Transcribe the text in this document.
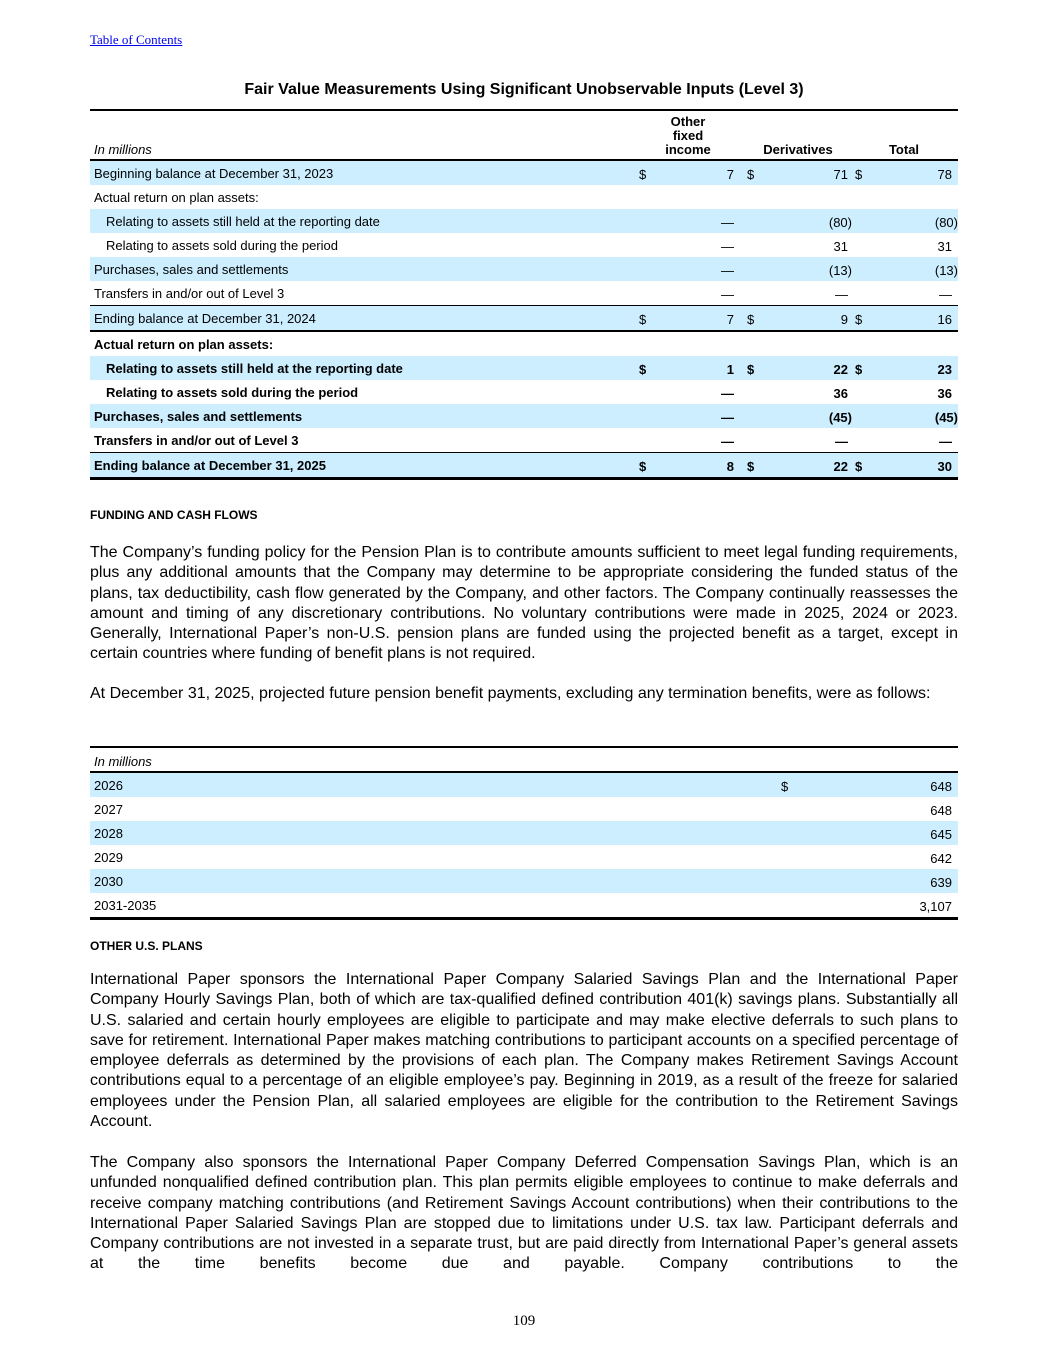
Table of Contents
Fair Value Measurements Using Significant Unobservable Inputs (Level 3)
In millions
Other
fixed
income	Derivatives	Total
Beginning balance at December 31, 2023	$	7 $	71 $	78
Actual return on plan assets:
Relating to assets still held at the reporting date	—	(80)	(80)
Relating to assets sold during the period	—	31	31
Purchases, sales and settlements	—	(13)	(13)
Transfers in and/or out of Level 3	—	—	—
Ending balance at December 31, 2024	$	7 $	9 $	16
Actual return on plan assets:
Relating to assets still held at the reporting date	$	1 $	22 $	23
Relating to assets sold during the period	—	36	36
Purchases, sales and settlements	—	(45)	(45)
Transfers in and/or out of Level 3	—	—	—
Ending balance at December 31, 2025	$	8 $	22 $	30
FUNDING AND CASH FLOWS
The Company’s funding policy for the Pension Plan is to contribute amounts sufficient to meet legal funding requirements, plus any additional amounts that the Company may determine to be appropriate considering the funded status of the plans, tax deductibility, cash flow generated by the Company, and other factors. The Company continually reassesses the amount and timing of any discretionary contributions. No voluntary contributions were made in 2025, 2024 or 2023. Generally, International Paper’s non-U.S. pension plans are funded using the projected benefit as a target, except in certain countries where funding of benefit plans is not required.
At December 31, 2025, projected future pension benefit payments, excluding any termination benefits, were as follows:
In millions
2026	$	648
2027	648
2028	645
2029	642
2030	639
2031-2035	3,107
OTHER U.S. PLANS
International Paper sponsors the International Paper Company Salaried Savings Plan and the International Paper Company Hourly Savings Plan, both of which are tax-qualified defined contribution 401(k) savings plans. Substantially all U.S. salaried and certain hourly employees are eligible to participate and may make elective deferrals to such plans to save for retirement. International Paper makes matching contributions to participant accounts on a specified percentage of employee deferrals as determined by the provisions of each plan. The Company makes Retirement Savings Account contributions equal to a percentage of an eligible employee’s pay. Beginning in 2019, as a result of the freeze for salaried employees under the Pension Plan, all salaried employees are eligible for the contribution to the Retirement Savings Account.
The Company also sponsors the International Paper Company Deferred Compensation Savings Plan, which is an unfunded nonqualified defined contribution plan. This plan permits eligible employees to continue to make deferrals and receive company matching contributions (and Retirement Savings Account contributions) when their contributions to the International Paper Salaried Savings Plan are stopped due to limitations under U.S. tax law. Participant deferrals and Company contributions are not invested in a separate trust, but are paid directly from International Paper’s general assets at the time benefits become due and payable. Company contributions to the
109
